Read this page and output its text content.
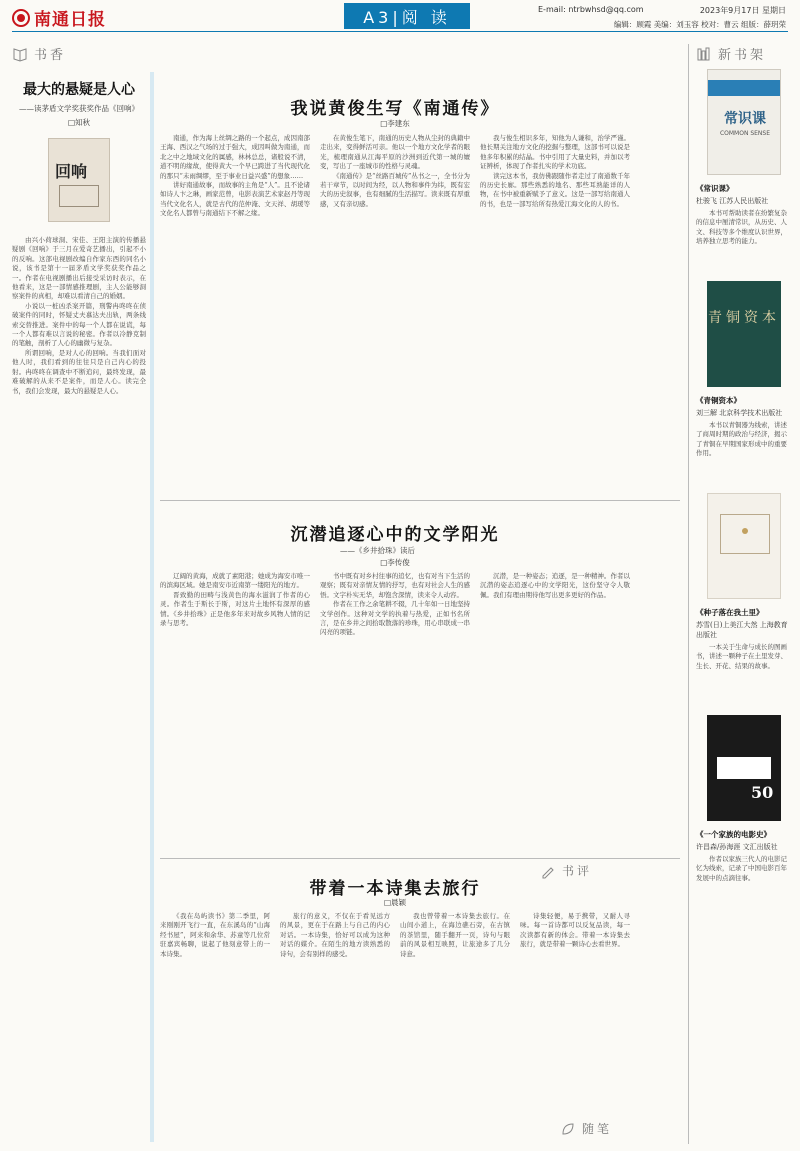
南通日报	A3|阅 读	E-mail: ntrbwhsd@qq.com	2023年9月17日 星期日
编辑：顾霞 美编：刘玉容 校对：曹云 组版：薛玥荣
书香
最大的悬疑是人心
——读茅盾文学奖获奖作品《回响》
□知秋
回响

由兴小荷球洞、宋佳、王阳主演的传播悬疑剧《回响》于三月在爱奇艺播出，引起不小的反响。这部电视剧改编自作家东西的同名小说，该书是第十一届茅盾文学奖获奖作品之一。作者在电视剧播出后接受采访时表示，在他看来，这是一部情感推理剧，主人公能够洞察案件的真相，却难以看清自己的婚姻。

小说以一桩凶杀案开篇，刑警冉咚咚在侦破案件的同时，怀疑丈夫慕达夫出轨，两条线索交替推进。案件中的每一个人都在说谎，每一个人都有难以言说的秘密。作者以冷静克制的笔触，剖析了人心的幽微与复杂。

所谓回响，是对人心的回响。当我们面对他人时，我们看到的往往只是自己内心的投射。冉咚咚在调查中不断追问，最终发现，最难破解的从来不是案件，而是人心。读完全书，我们会发现，最大的悬疑是人心。

我说黄俊生写《南通传》
□李建东

南通，作为海上丝绸之路的一个起点，成因南部王海、西汉之气场的过于强大，成因叫做为南通，而北之中之地域文化的属感，林林总总，诸般说不清，道不明的缘故，使得黄大一个早已跨进了当代现代化的那只“未雨绸缪，至于事业日益兴盛”的想象……

讲好南通故事，而故事的主角是“人”。且不论诸如诗人卞之琳，画家范曾，电影表演艺术家赵丹等现当代文化名人，就是古代的范仲淹、文天祥、胡瑗等文化名人都曾与南通结下不解之缘。

在黄俊生笔下，南通的历史人物从尘封的典籍中走出来，变得鲜活可亲。他以一个地方文化学者的眼光，梳理南通从江海平原的沙洲到近代第一城的嬗变，写出了一座城市的性格与灵魂。

《南通传》是“丝路百城传”丛书之一，全书分为若干章节，以时间为经，以人物和事件为纬，既有宏大的历史叙事，也有细腻的生活描写。读来既有厚重感，又有亲切感。

我与俊生相识多年，知他为人谦和，治学严谨。他长期关注地方文化的挖掘与整理，这部书可以说是他多年积累的结晶。书中引用了大量史料，并加以考证辨析，体现了作者扎实的学术功底。

读完这本书，我仿佛跟随作者走过了南通数千年的历史长廊。那些熟悉的地名、那些耳熟能详的人物，在书中被重新赋予了意义。这是一部写给南通人的书，也是一部写给所有热爱江海文化的人的书。

沉潜追逐心中的文学阳光
——《乡井拾珠》读后
□李传俊

辽阔的黄海，成就了素阳港；她成为海安市唯一的滨海区域。她是南安市近南第一缕阳光的地方。

晋致勤的田畴与浅黄色的海水滋润了作者的心灵。作者生于斯长于斯，对这片土地怀有深厚的感情。《乡井拾珠》正是他多年来对故乡风物人情的记录与思考。

书中既有对乡村往事的追忆，也有对当下生活的观察；既有对亲情友情的抒写，也有对社会人生的感悟。文字朴实无华，却饱含深情，读来令人动容。

作者在工作之余笔耕不辍，几十年如一日地坚持文学创作。这种对文学的执着与热爱，正如书名所言，是在乡井之间拾取散落的珍珠，用心串联成一串闪亮的项链。

沉潜，是一种姿态；追逐，是一种精神。作者以沉潜的姿态追逐心中的文学阳光，这份坚守令人敬佩。我们有理由期待他写出更多更好的作品。

书评
带着一本诗集去旅行
□晨颖

《我在岛屿读书》第二季里，阿来刚刚开飞行一直，在东溪岛的“山海经书屋”，阿来和余华、苏童等几位常驻嘉宾畅聊，说起了他刻意带上的一本诗集。

旅行的意义，不仅在于看见远方的风景，更在于在路上与自己的内心对话。一本诗集，恰好可以成为这种对话的媒介。在陌生的地方读熟悉的诗句，会有别样的感受。

我也曾带着一本诗集去旅行。在山间小道上，在海边礁石旁，在古镇的茶馆里，随手翻开一页，诗句与眼前的风景相互映照，让旅途多了几分诗意。

诗集轻便，易于携带，又耐人寻味。每一首诗都可以反复品读，每一次读都有新的体会。带着一本诗集去旅行，就是带着一颗诗心去看世界。

随笔
新书架
常识课
COMMON SENSE
《常识课》
杜骏飞 江苏人民出版社
本书可帮助读者在纷繁复杂的信息中厘清常识，从历史、人文、科技等多个维度认识世界，培养独立思考的能力。
青铜资本
《青铜资本》
刘三解 北京科学技术出版社
本书以青铜器为线索，讲述了商周时期的政治与经济，揭示了青铜在早期国家形成中的重要作用。
《种子落在我土里》
苏雪(日)上美江大然 上海教育出版社
一本关于生命与成长的图画书，讲述一颗种子在土里发芽、生长、开花、结果的故事。
50
《一个家族的电影史》
许昌森/孙海涯 文汇出版社
作者以家族三代人的电影记忆为线索，记录了中国电影百年发展中的点滴往事。
